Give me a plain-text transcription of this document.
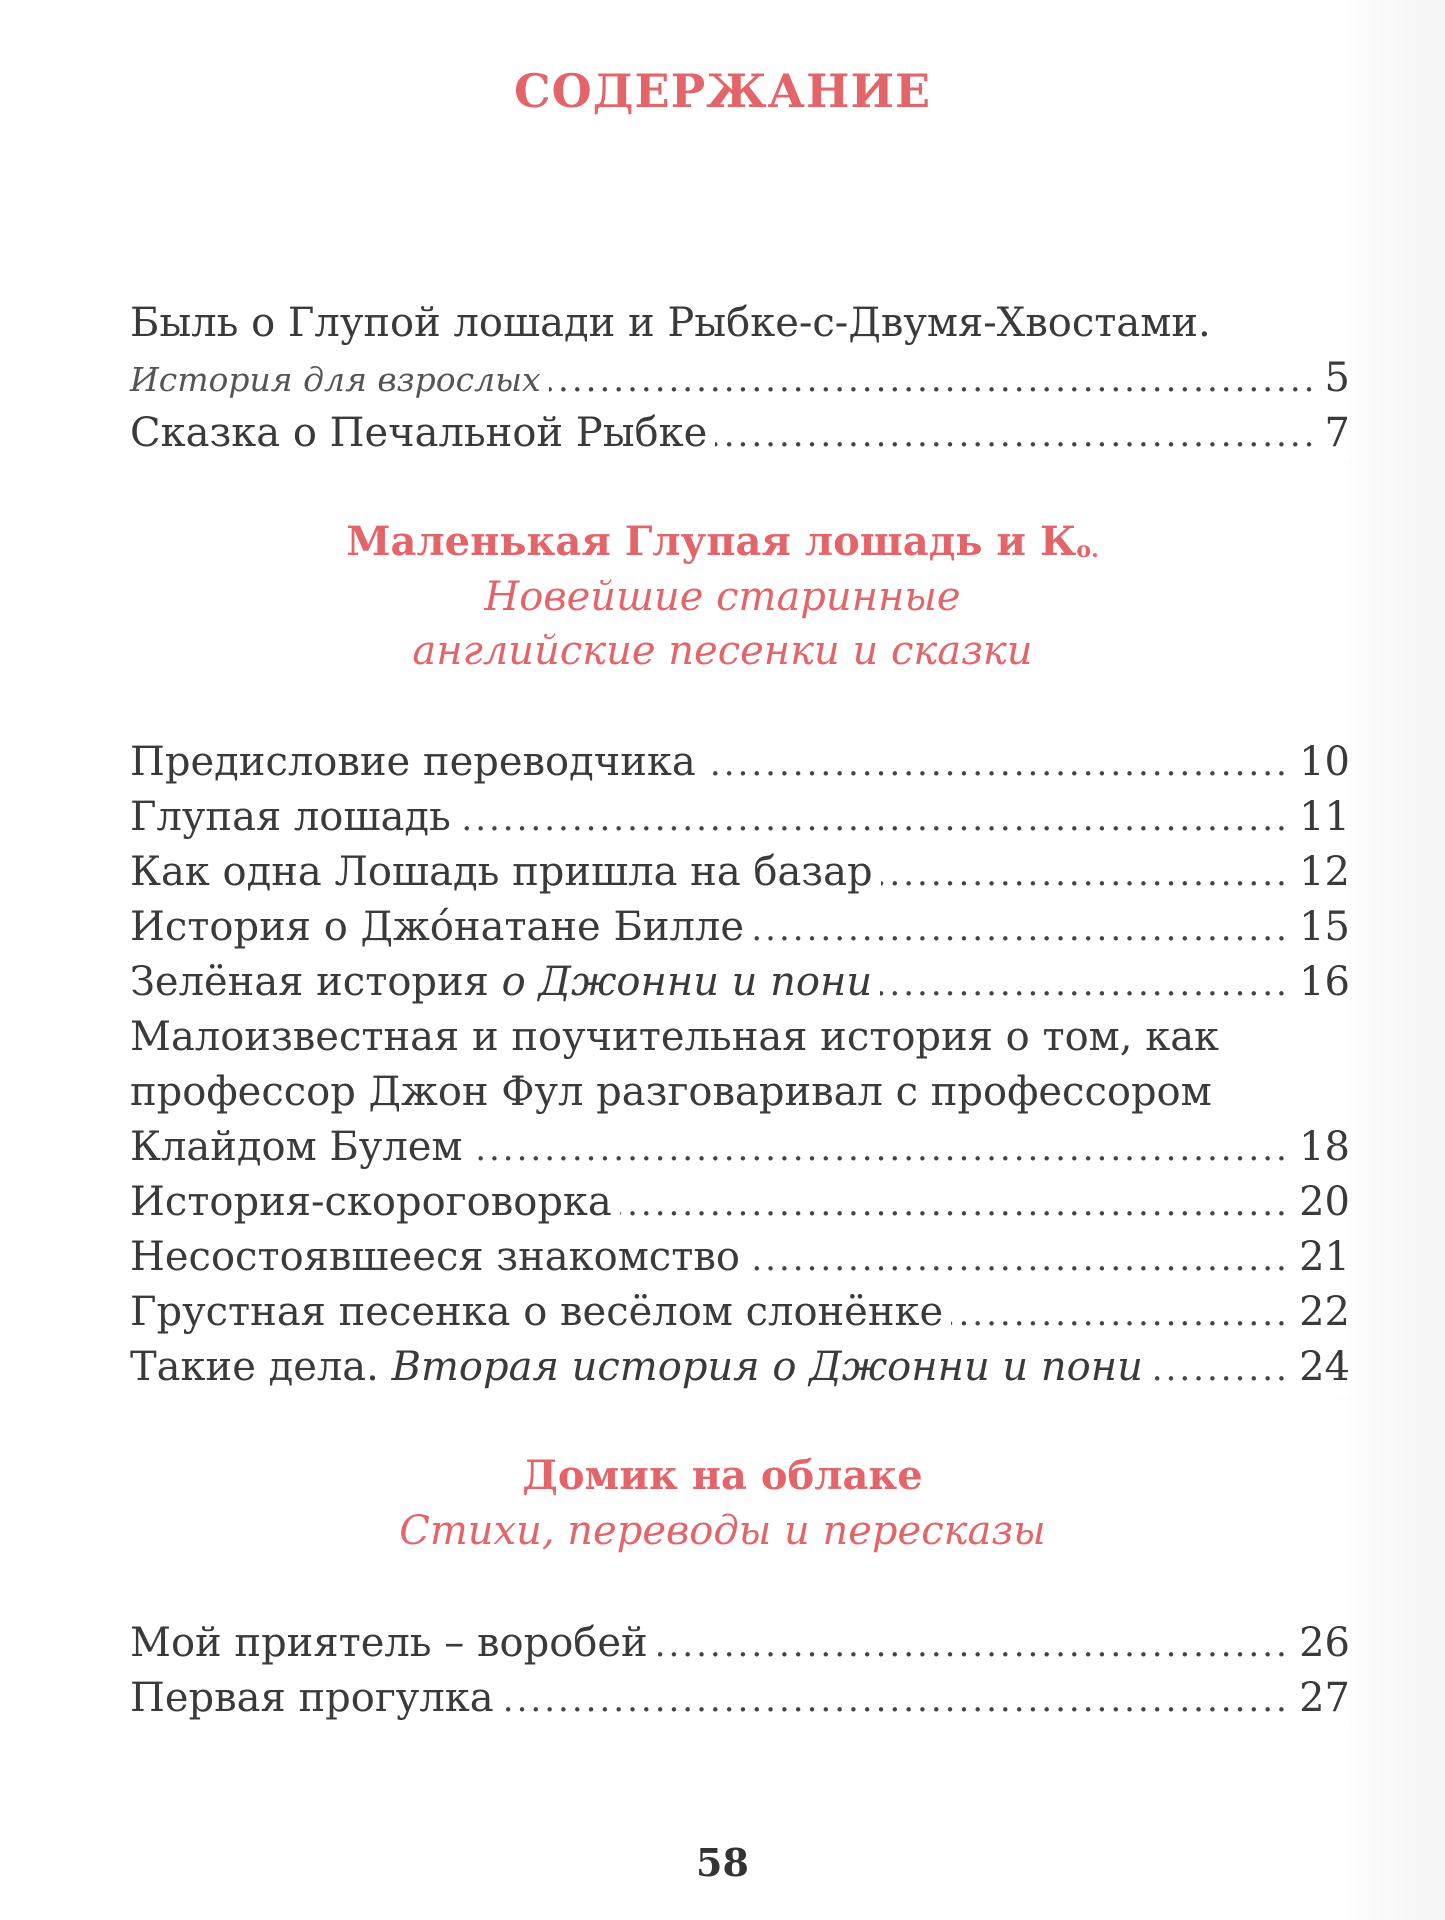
СОДЕРЖАНИЕ
Быль о Глупой лошади и Рыбке-с-Двумя-Хвостами.
.....
История для взрослых	5
.....
Сказка о Печальной Рыбке	7
Маленькая Глупая лошадь и $К^{о.}$
Новейшие старинные
английские песенки и сказки
.....
Предисловие переводчика	10
.....
Глупая лошадь	11
.....
Как одна Лошадь пришла на базар	12
.....
История о Джóнатане Билле	15
.....
Зелёная история о Джонни и пони	16
Малоизвестная и поучительная история о том, как
профессор Джон Фул разговаривал с профессором
.....
Клайдом Булем	18
.....
История-скороговорка	20
.....
Несостоявшееся знакомство	21
.....
Грустная песенка о весёлом слонёнке	22
.....
Такие дела. Вторая история о Джонни и пони	24
Домик на облаке
Стихи, переводы и пересказы
.....
Мой приятель – воробей	26
.....
Первая прогулка	27
58
